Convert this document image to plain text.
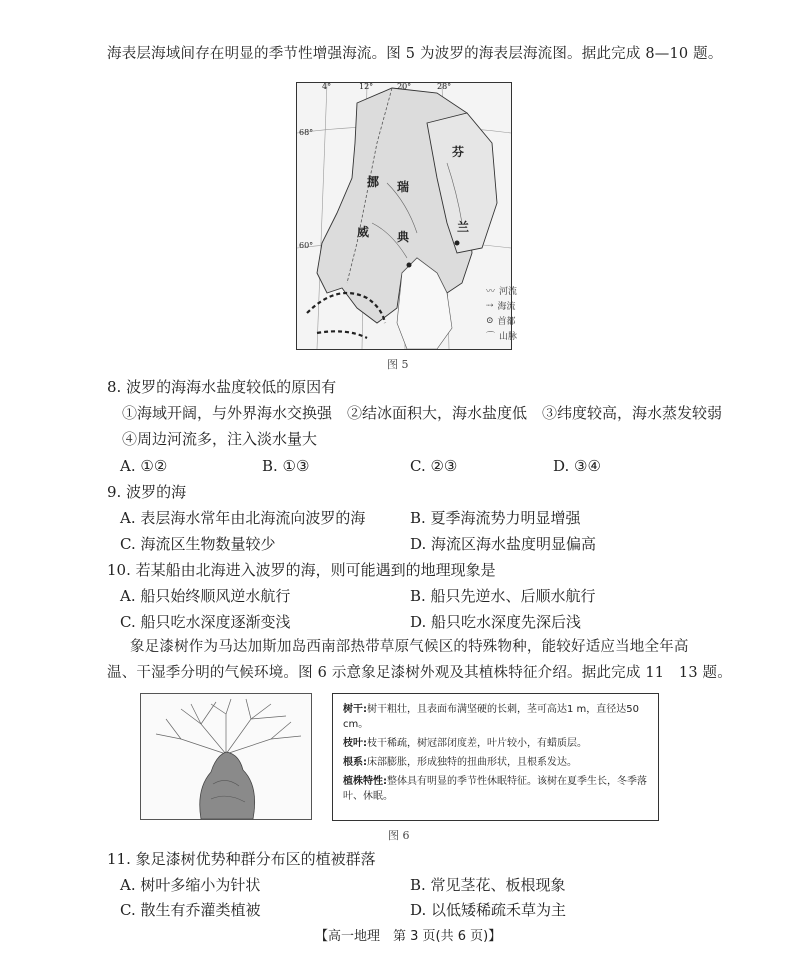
海表层海域间存在明显的季节性增强海流。图 5 为波罗的海表层海流图。据此完成 8—10 题。
4°	12°	20°	28°
68°
60°
挪 瑞
威 典
芬
兰
〰 河流
⇢ 海流
⊙ 首都
⌒ 山脉
图 5
8. 波罗的海海水盐度较低的原因有
①海域开阔，与外界海水交换强　②结冰面积大，海水盐度低　③纬度较高，海水蒸发较弱
④周边河流多，注入淡水量大
A. ①②	B. ①③	C. ②③	D. ③④
9. 波罗的海
A. 表层海水常年由北海流向波罗的海	B. 夏季海流势力明显增强
C. 海流区生物数量较少	D. 海流区海水盐度明显偏高
10. 若某船由北海进入波罗的海，则可能遇到的地理现象是
A. 船只始终顺风逆水航行	B. 船只先逆水、后顺水航行
C. 船只吃水深度逐渐变浅	D. 船只吃水深度先深后浅
象足漆树作为马达加斯加岛西南部热带草原气候区的特殊物种，能较好适应当地全年高
温、干湿季分明的气候环境。图 6 示意象足漆树外观及其植株特征介绍。据此完成 11　13 题。
树干:树干粗壮，且表面布满坚硬的长刺，茎可高达1 m，直径达50 cm。
枝叶:枝干稀疏，树冠部闭度差，叶片较小，有蜡质层。
根系:床部膨胀，形成独特的扭曲形状，且根系发达。
植株特性:整体具有明显的季节性休眠特征。该树在夏季生长，冬季落叶、休眠。
图 6
11. 象足漆树优势种群分布区的植被群落
A. 树叶多缩小为针状	B. 常见茎花、板根现象
C. 散生有乔灌类植被	D. 以低矮稀疏禾草为主
【高一地理　第 3 页(共 6 页)】
